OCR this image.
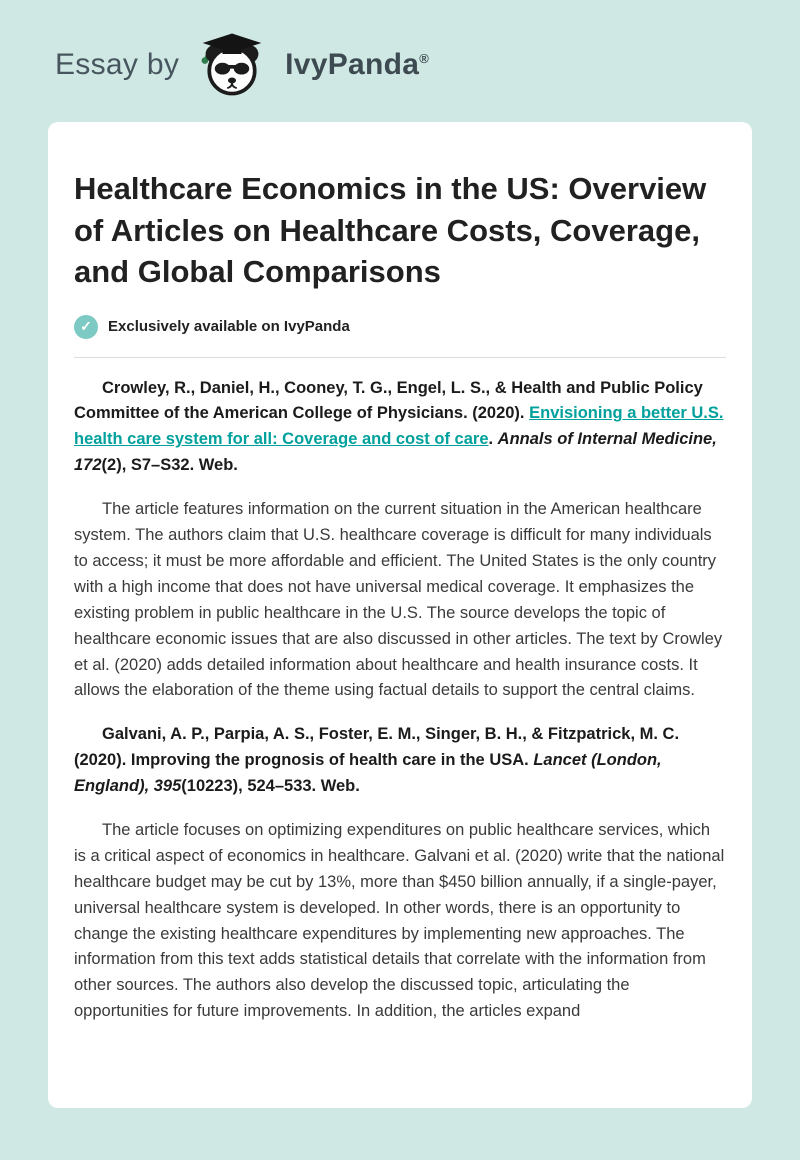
Essay by	IvyPanda®
Healthcare Economics in the US: Overview of Articles on Healthcare Costs, Coverage, and Global Comparisons
✓	Exclusively available on IvyPanda

Crowley, R., Daniel, H., Cooney, T. G., Engel, L. S., & Health and Public Policy Committee of the American College of Physicians. (2020). Envisioning a better U.S. health care system for all: Coverage and cost of care. Annals of Internal Medicine, 172(2), S7–S32. Web.

The article features information on the current situation in the American healthcare system. The authors claim that U.S. healthcare coverage is difficult for many individuals to access; it must be more affordable and efficient. The United States is the only country with a high income that does not have universal medical coverage. It emphasizes the existing problem in public healthcare in the U.S. The source develops the topic of healthcare economic issues that are also discussed in other articles. The text by Crowley et al. (2020) adds detailed information about healthcare and health insurance costs. It allows the elaboration of the theme using factual details to support the central claims.

Galvani, A. P., Parpia, A. S., Foster, E. M., Singer, B. H., & Fitzpatrick, M. C. (2020). Improving the prognosis of health care in the USA. Lancet (London, England), 395(10223), 524–533. Web.

The article focuses on optimizing expenditures on public healthcare services, which is a critical aspect of economics in healthcare. Galvani et al. (2020) write that the national healthcare budget may be cut by 13%, more than $450 billion annually, if a single-payer, universal healthcare system is developed. In other words, there is an opportunity to change the existing healthcare expenditures by implementing new approaches. The information from this text adds statistical details that correlate with the information from other sources. The authors also develop the discussed topic, articulating the opportunities for future improvements. In addition, the articles expand
